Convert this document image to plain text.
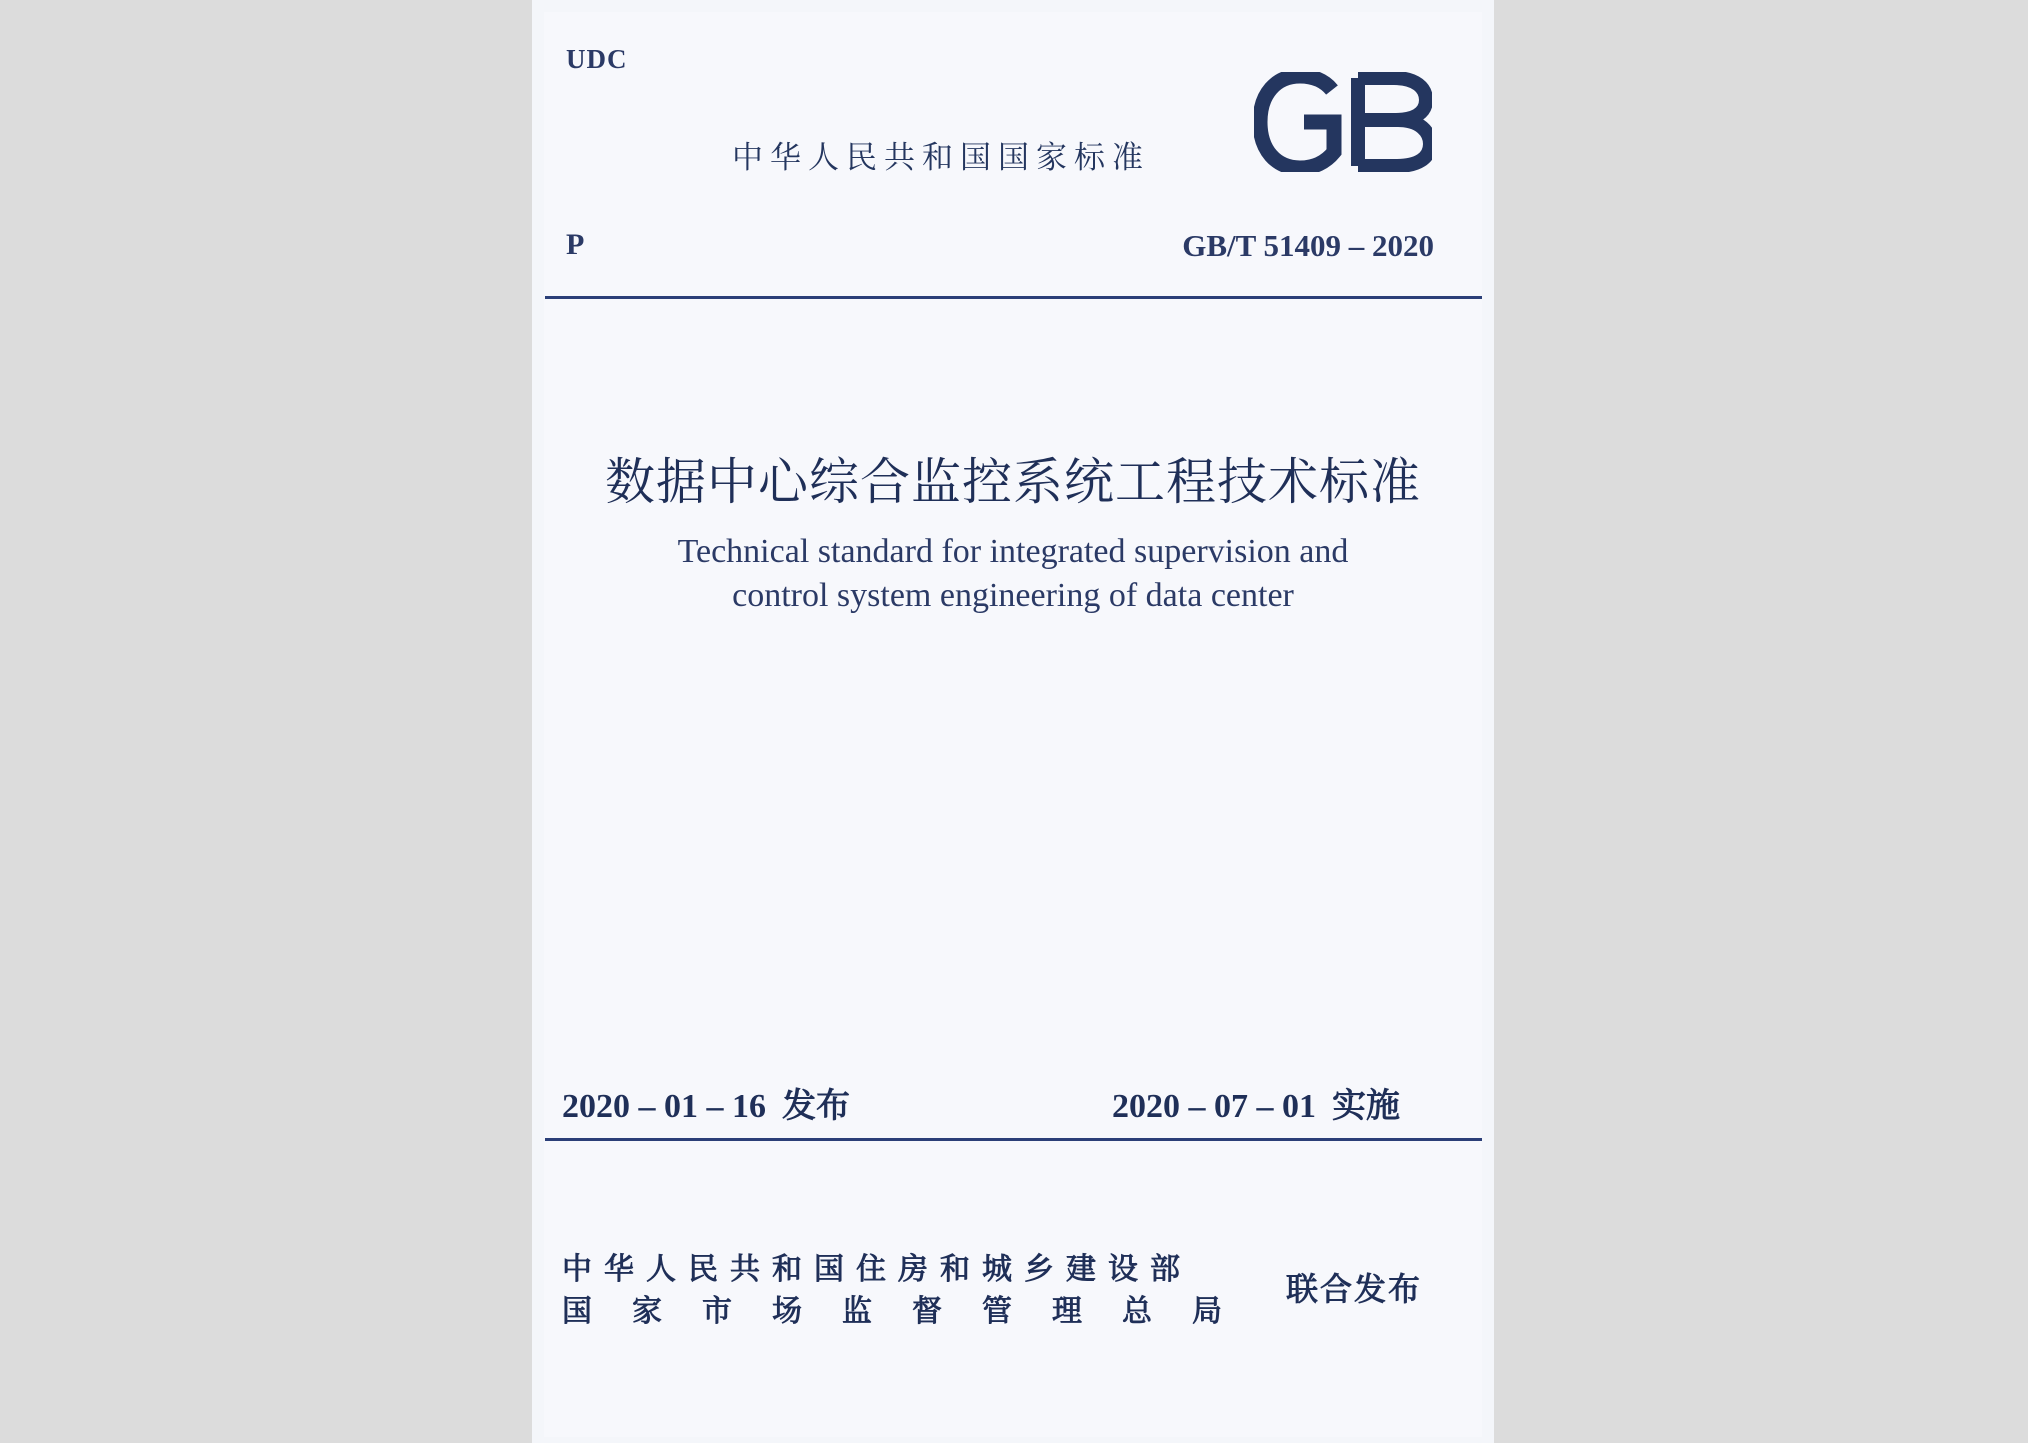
UDC
中华人民共和国国家标准
GB
P	GB/T 51409 – 2020
数据中心综合监控系统工程技术标准
Technical standard for integrated supervision and
control system engineering of data center
2020 – 01 – 16 发布	2020 – 07 – 01 实施
中华人民共和国住房和城乡建设部
国家市场监督管理总局
联合发布
